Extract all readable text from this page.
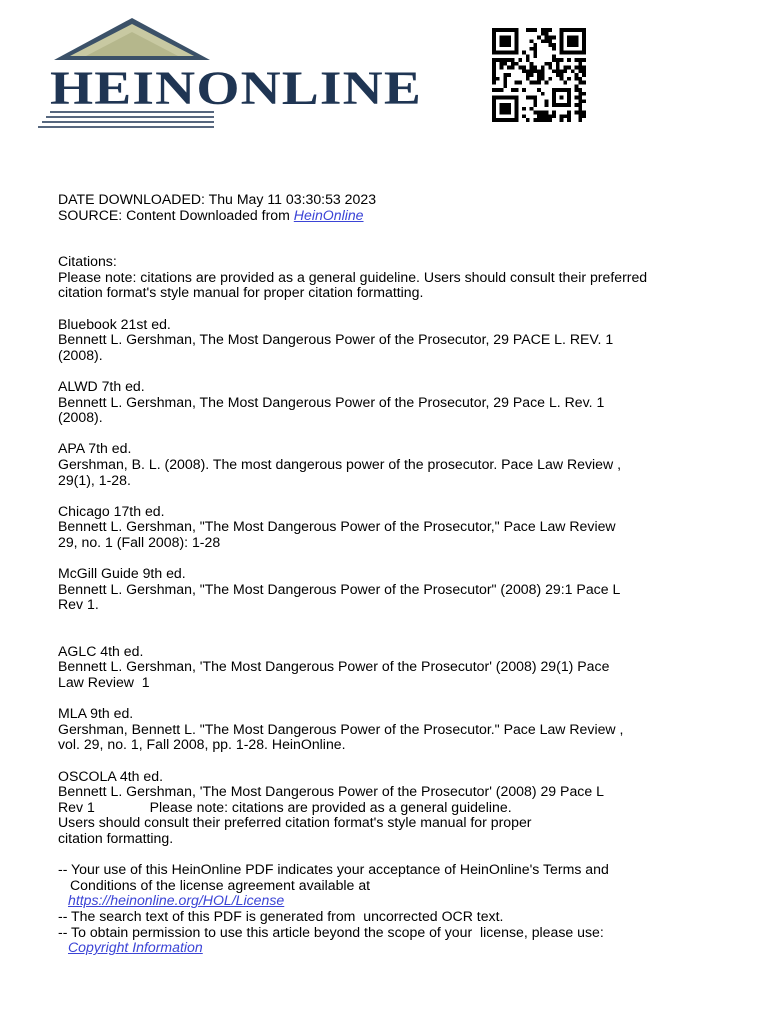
HEINONLINE
DATE DOWNLOADED: Thu May 11 03:30:53 2023
SOURCE: Content Downloaded from HeinOnline
Citations:
Please note: citations are provided as a general guideline. Users should consult their preferred
citation format's style manual for proper citation formatting.
Bluebook 21st ed.
Bennett L. Gershman, The Most Dangerous Power of the Prosecutor, 29 PACE L. REV. 1
(2008).
ALWD 7th ed.
Bennett L. Gershman, The Most Dangerous Power of the Prosecutor, 29 Pace L. Rev. 1
(2008).
APA 7th ed.
Gershman, B. L. (2008). The most dangerous power of the prosecutor. Pace Law Review ,
29(1), 1-28.
Chicago 17th ed.
Bennett L. Gershman, "The Most Dangerous Power of the Prosecutor," Pace Law Review
29, no. 1 (Fall 2008): 1-28
McGill Guide 9th ed.
Bennett L. Gershman, "The Most Dangerous Power of the Prosecutor" (2008) 29:1 Pace L
Rev 1.
AGLC 4th ed.
Bennett L. Gershman, 'The Most Dangerous Power of the Prosecutor' (2008) 29(1) Pace
Law Review  1
MLA 9th ed.
Gershman, Bennett L. "The Most Dangerous Power of the Prosecutor." Pace Law Review ,
vol. 29, no. 1, Fall 2008, pp. 1-28. HeinOnline.
OSCOLA 4th ed.
Bennett L. Gershman, 'The Most Dangerous Power of the Prosecutor' (2008) 29 Pace L
Rev 1              Please note: citations are provided as a general guideline.
Users should consult their preferred citation format's style manual for proper
citation formatting.
-- Your use of this HeinOnline PDF indicates your acceptance of HeinOnline's Terms and
Conditions of the license agreement available at
https://heinonline.org/HOL/License
-- The search text of this PDF is generated from  uncorrected OCR text.
-- To obtain permission to use this article beyond the scope of your  license, please use:
Copyright Information
